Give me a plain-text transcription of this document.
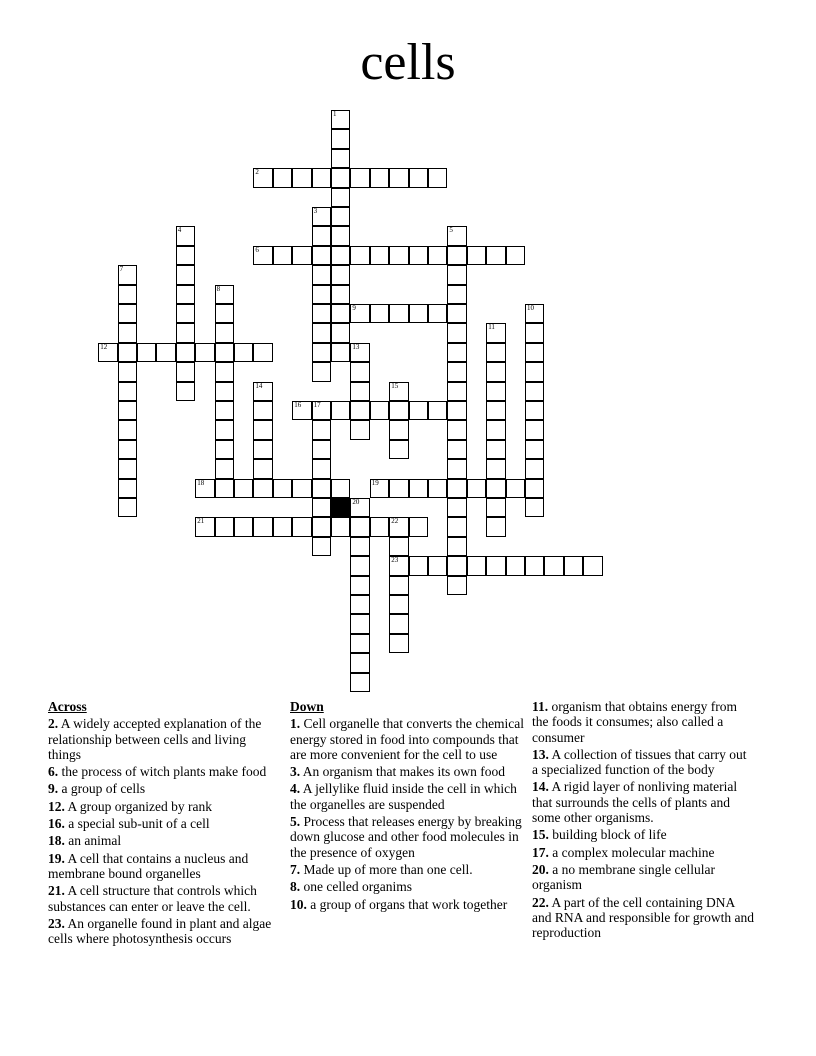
cells
1
2
3
4	5
6
7
8
9	10
11
12	13
14	15
16 17
18	19
20
21	22
23
Across
2. A widely accepted explanation of the relationship between cells and living things
6. the process of witch plants make food
9. a group of cells
12. A group organized by rank
16. a special sub-unit of a cell
18. an animal
19. A cell that contains a nucleus and membrane bound organelles
21. A cell structure that controls which substances can enter or leave the cell.
23. An organelle found in plant and algae cells where photosynthesis occurs
Down
1. Cell organelle that converts the chemical energy stored in food into compounds that are more convenient for the cell to use
3. An organism that makes its own food
4. A jellylike fluid inside the cell in which the organelles are suspended
5. Process that releases energy by breaking down glucose and other food molecules in the presence of oxygen
7. Made up of more than one cell.
8. one celled organims
10. a group of organs that work together
11. organism that obtains energy from the foods it consumes; also called a consumer
13. A collection of tissues that carry out a specialized function of the body
14. A rigid layer of nonliving material that surrounds the cells of plants and some other organisms.
15. building block of life
17. a complex molecular machine
20. a no membrane single cellular organism
22. A part of the cell containing DNA and RNA and responsible for growth and reproduction
